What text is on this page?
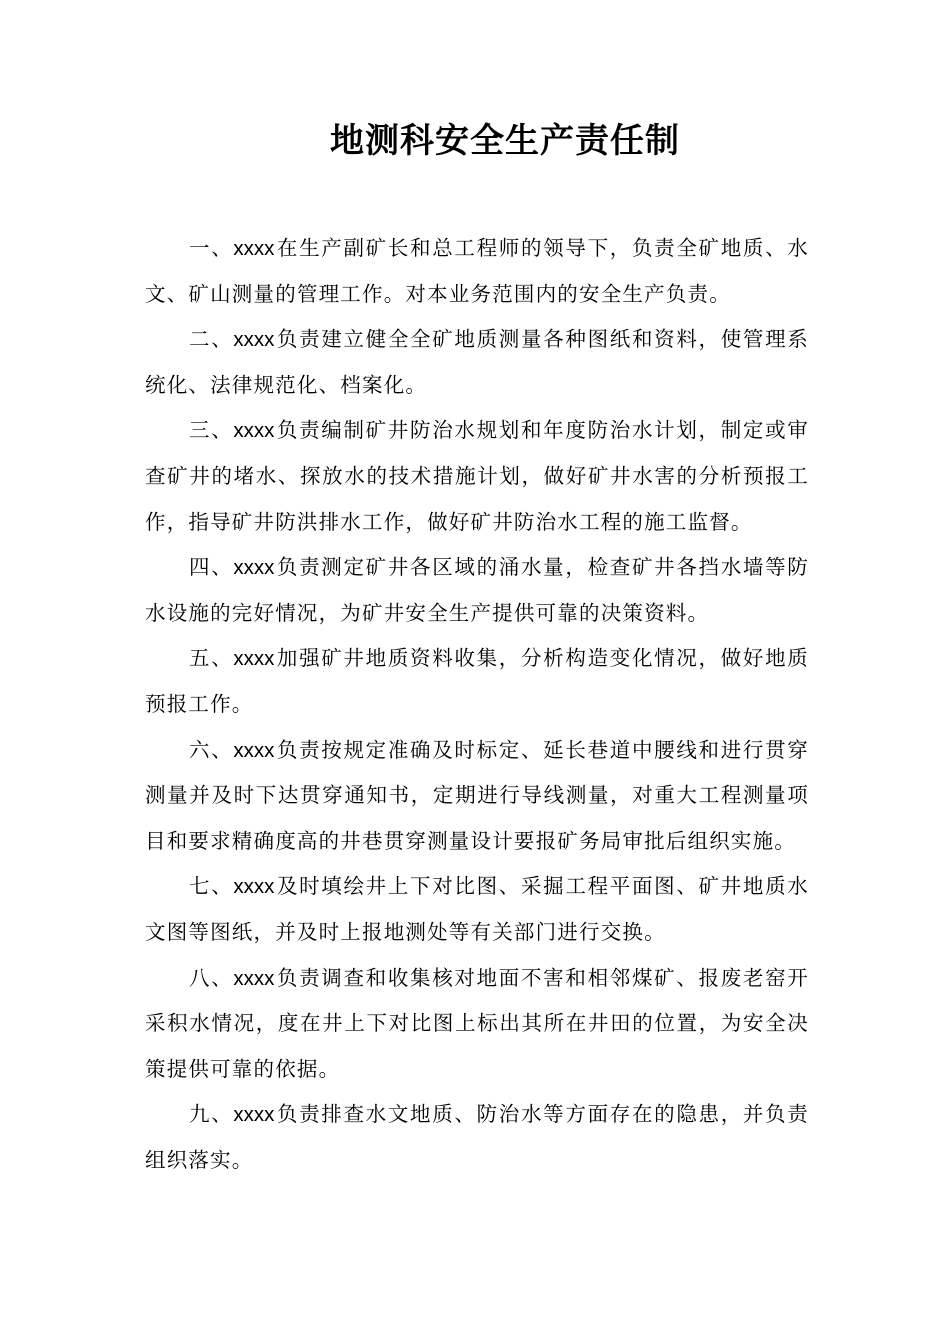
地测科安全生产责任制

一、xxxx在生产副矿长和总工程师的领导下，负责全矿地质、水文、矿山测量的管理工作。对本业务范围内的安全生产负责。

二、xxxx负责建立健全全矿地质测量各种图纸和资料，使管理系统化、法律规范化、档案化。

三、xxxx负责编制矿井防治水规划和年度防治水计划，制定或审查矿井的堵水、探放水的技术措施计划，做好矿井水害的分析预报工作，指导矿井防洪排水工作，做好矿井防治水工程的施工监督。

四、xxxx负责测定矿井各区域的涌水量，检查矿井各挡水墙等防水设施的完好情况，为矿井安全生产提供可靠的决策资料。

五、xxxx加强矿井地质资料收集，分析构造变化情况，做好地质预报工作。

六、xxxx负责按规定准确及时标定、延长巷道中腰线和进行贯穿测量并及时下达贯穿通知书，定期进行导线测量，对重大工程测量项目和要求精确度高的井巷贯穿测量设计要报矿务局审批后组织实施。

七、xxxx及时填绘井上下对比图、采掘工程平面图、矿井地质水文图等图纸，并及时上报地测处等有关部门进行交换。

八、xxxx负责调查和收集核对地面不害和相邻煤矿、报废老窑开采积水情况，度在井上下对比图上标出其所在井田的位置，为安全决策提供可靠的依据。

九、xxxx负责排查水文地质、防治水等方面存在的隐患，并负责组织落实。
